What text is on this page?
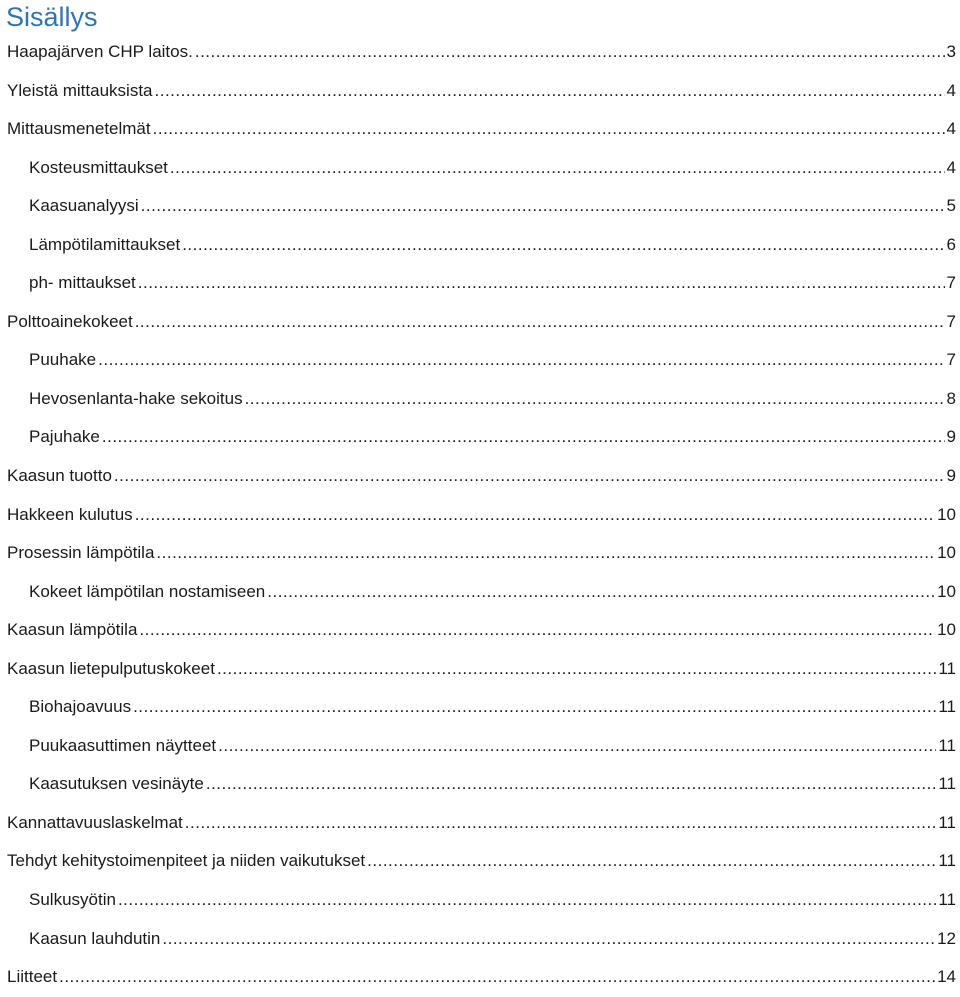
Sisällys
Haapajärven CHP laitos. .....	3
Yleistä mittauksista .....	4
Mittausmenetelmät .....	4
Kosteusmittaukset .....	4
Kaasuanalyysi .....	5
Lämpötilamittaukset .....	6
ph- mittaukset .....	7
Polttoainekokeet .....	7
Puuhake .....	7
Hevosenlanta-hake sekoitus .....	8
Pajuhake .....	9
Kaasun tuotto .....	9
Hakkeen kulutus .....	10
Prosessin lämpötila .....	10
Kokeet lämpötilan nostamiseen .....	10
Kaasun lämpötila .....	10
Kaasun lietepulputuskokeet .....	11
Biohajoavuus .....	11
Puukaasuttimen näytteet .....	11
Kaasutuksen vesinäyte .....	11
Kannattavuuslaskelmat .....	11
Tehdyt kehitystoimenpiteet ja niiden vaikutukset .....	11
Sulkusyötin .....	11
Kaasun lauhdutin .....	12
Liitteet .....	14
